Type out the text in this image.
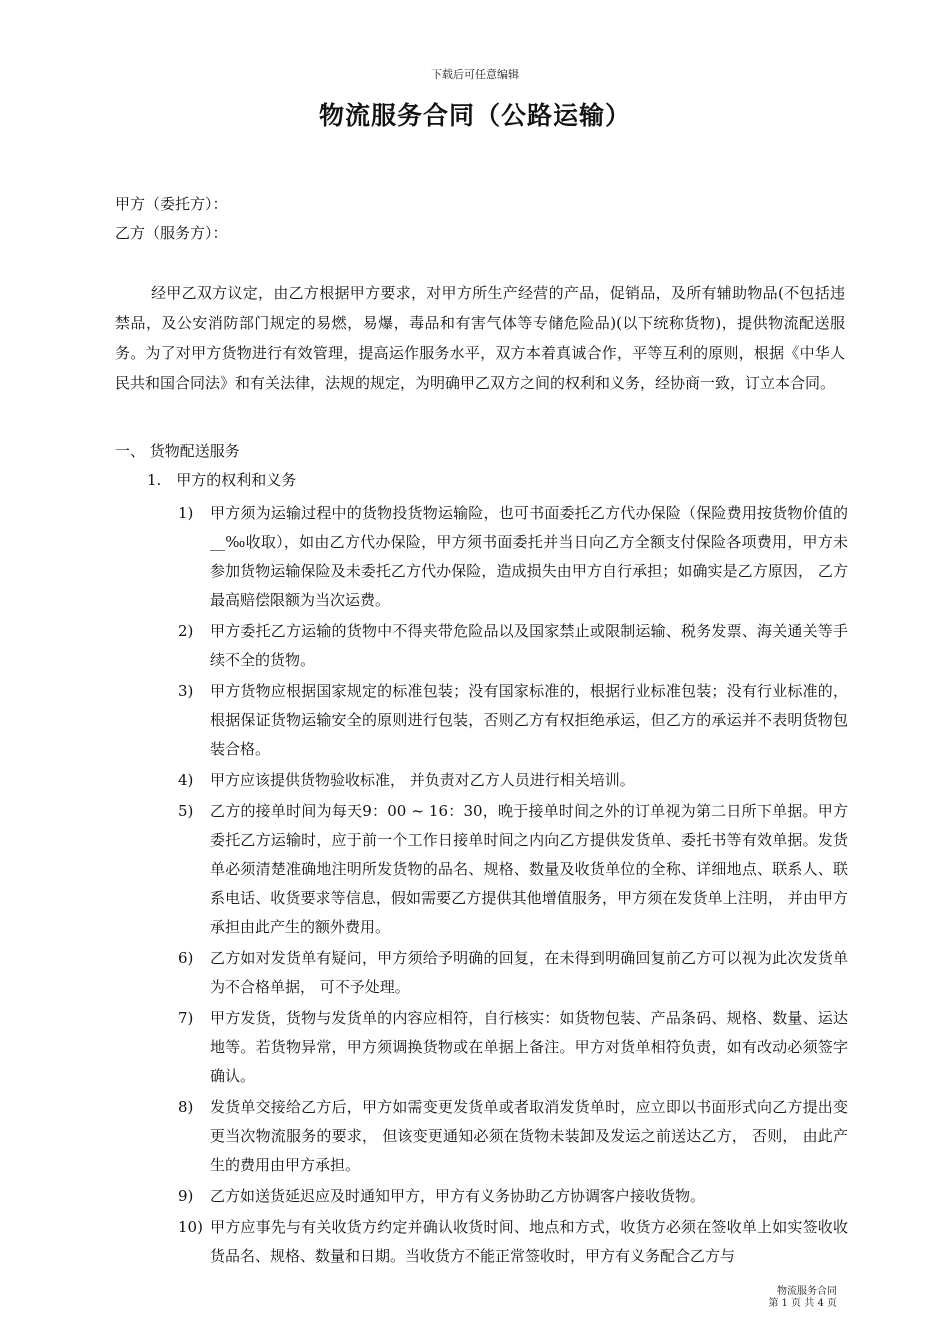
下载后可任意编辑
物流服务合同（公路运输）
甲方（委托方）：
乙方（服务方）：
经甲乙双方议定，由乙方根据甲方要求，对甲方所生产经营的产品，促销品，及所有辅助物品(不包括违禁品，及公安消防部门规定的易燃，易爆，毒品和有害气体等专储危险品)(以下统称货物)，提供物流配送服务。为了对甲方货物进行有效管理，提高运作服务水平，双方本着真诚合作，平等互利的原则，根据《中华人民共和国合同法》和有关法律，法规的规定，为明确甲乙双方之间的权利和义务，经协商一致，订立本合同。
一、 货物配送服务
1.　甲方的权利和义务
1) 甲方须为运输过程中的货物投货物运输险，也可书面委托乙方代办保险（保险费用按货物价值的__‰收取），如由乙方代办保险，甲方须书面委托并当日向乙方全额支付保险各项费用，甲方未参加货物运输保险及未委托乙方代办保险，造成损失由甲方自行承担；如确实是乙方原因， 乙方最高赔偿限额为当次运费。
2) 甲方委托乙方运输的货物中不得夹带危险品以及国家禁止或限制运输、税务发票、海关通关等手续不全的货物。
3) 甲方货物应根据国家规定的标准包装；没有国家标准的，根据行业标准包装；没有行业标准的，根据保证货物运输安全的原则进行包装，否则乙方有权拒绝承运，但乙方的承运并不表明货物包装合格。
4) 甲方应该提供货物验收标准， 并负责对乙方人员进行相关培训。
5) 乙方的接单时间为每天9：00 ~ 16：30，晚于接单时间之外的订单视为第二日所下单据。甲方委托乙方运输时，应于前一个工作日接单时间之内向乙方提供发货单、委托书等有效单据。发货单必须清楚准确地注明所发货物的品名、规格、数量及收货单位的全称、详细地点、联系人、联系电话、收货要求等信息，假如需要乙方提供其他增值服务，甲方须在发货单上注明， 并由甲方承担由此产生的额外费用。
6) 乙方如对发货单有疑问，甲方须给予明确的回复，在未得到明确回复前乙方可以视为此次发货单为不合格单据， 可不予处理。
7) 甲方发货，货物与发货单的内容应相符，自行核实：如货物包装、产品条码、规格、数量、运达地等。若货物异常，甲方须调换货物或在单据上备注。甲方对货单相符负责，如有改动必须签字确认。
8) 发货单交接给乙方后，甲方如需变更发货单或者取消发货单时，应立即以书面形式向乙方提出变更当次物流服务的要求， 但该变更通知必须在货物未装卸及发运之前送达乙方， 否则， 由此产生的费用由甲方承担。
9) 乙方如送货延迟应及时通知甲方，甲方有义务协助乙方协调客户接收货物。
10) 甲方应事先与有关收货方约定并确认收货时间、地点和方式，收货方必须在签收单上如实签收收货品名、规格、数量和日期。当收货方不能正常签收时，甲方有义务配合乙方与
物流服务合同
第 1 页 共 4 页
